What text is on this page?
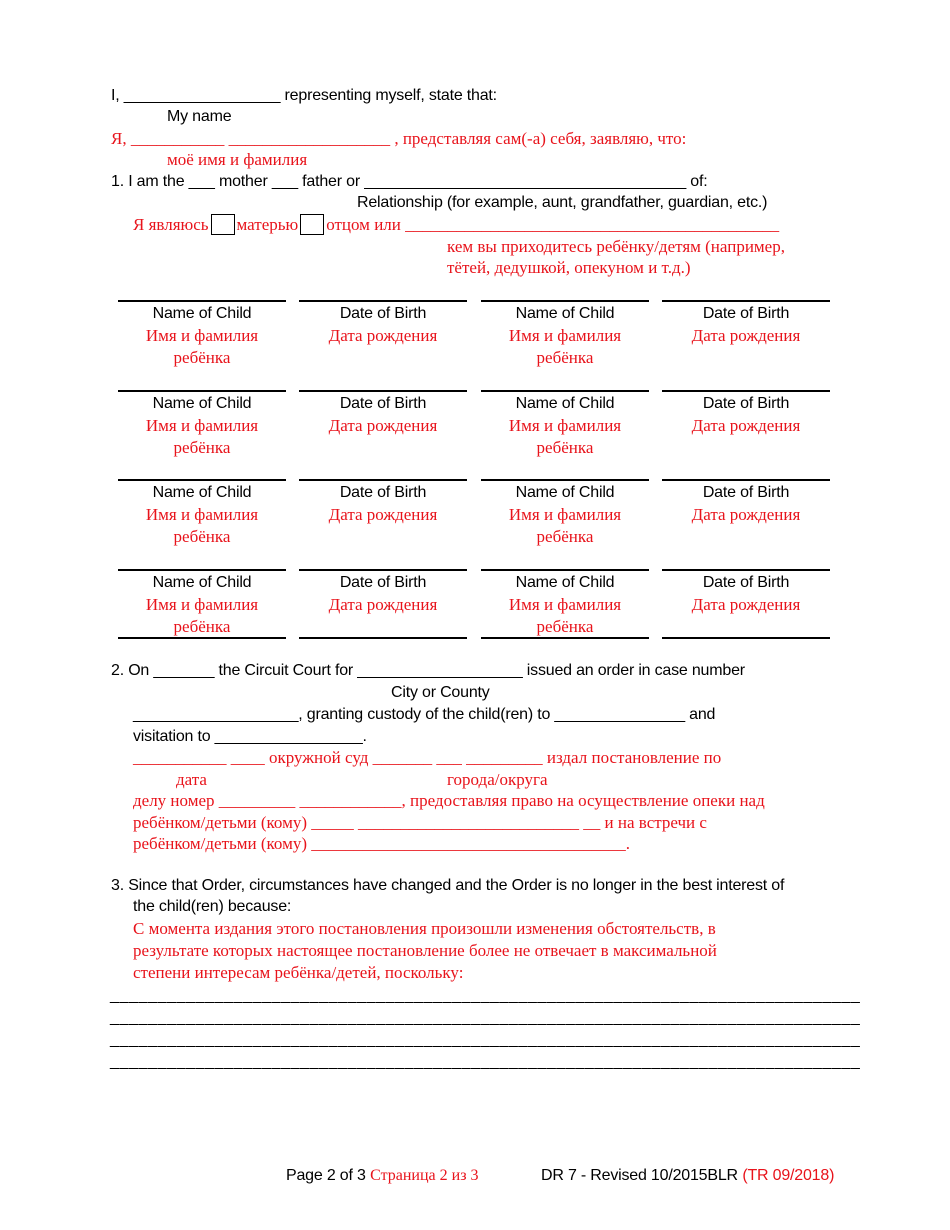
I, __________________ representing myself, state that:
My name
Я, ___________ ___________________ , представляя сам(-а) себя, заявляю, что:
моё имя и фамилия
1. I am the ___ mother ___ father or _____________________________________ of:
Relationship (for example, aunt, grandfather, guardian, etc.)
Я являюсь матерью отцом или ____________________________________________
кем вы приходитесь ребёнку/детям (например,
тётей, дедушкой, опекуном и т.д.)
Name of Child
Имя и фамилия
ребёнка
Date of Birth
Дата рождения
Name of Child
Имя и фамилия
ребёнка
Date of Birth
Дата рождения
Name of Child
Имя и фамилия
ребёнка
Date of Birth
Дата рождения
Name of Child
Имя и фамилия
ребёнка
Date of Birth
Дата рождения
Name of Child
Имя и фамилия
ребёнка
Date of Birth
Дата рождения
Name of Child
Имя и фамилия
ребёнка
Date of Birth
Дата рождения
Name of Child
Имя и фамилия
ребёнка
Date of Birth
Дата рождения
Name of Child
Имя и фамилия
ребёнка
Date of Birth
Дата рождения
2. On _______ the Circuit Court for ___________________ issued an order in case number
City or County
___________________, granting custody of the child(ren) to _______________ and
visitation to _________________.
___________ ____ окружной суд _______ ___ _________ издал постановление по
дата	города/округа
делу номер _________ ____________, предоставляя право на осуществление опеки над
ребёнком/детьми (кому) _____ __________________________ __ и на встречи с
ребёнком/детьми (кому) _____________________________________.
3. Since that Order, circumstances have changed and the Order is no longer in the best interest of
the child(ren) because:
С момента издания этого постановления произошли изменения обстоятельств, в
результате которых настоящее постановление более не отвечает в максимальной
степени интересам ребёнка/детей, поскольку:
_______________________________________________________________________________
_______________________________________________________________________________
_______________________________________________________________________________
_______________________________________________________________________________
Page 2 of 3 Страница 2 из 3	DR 7 - Revised 10/2015BLR (TR 09/2018)
